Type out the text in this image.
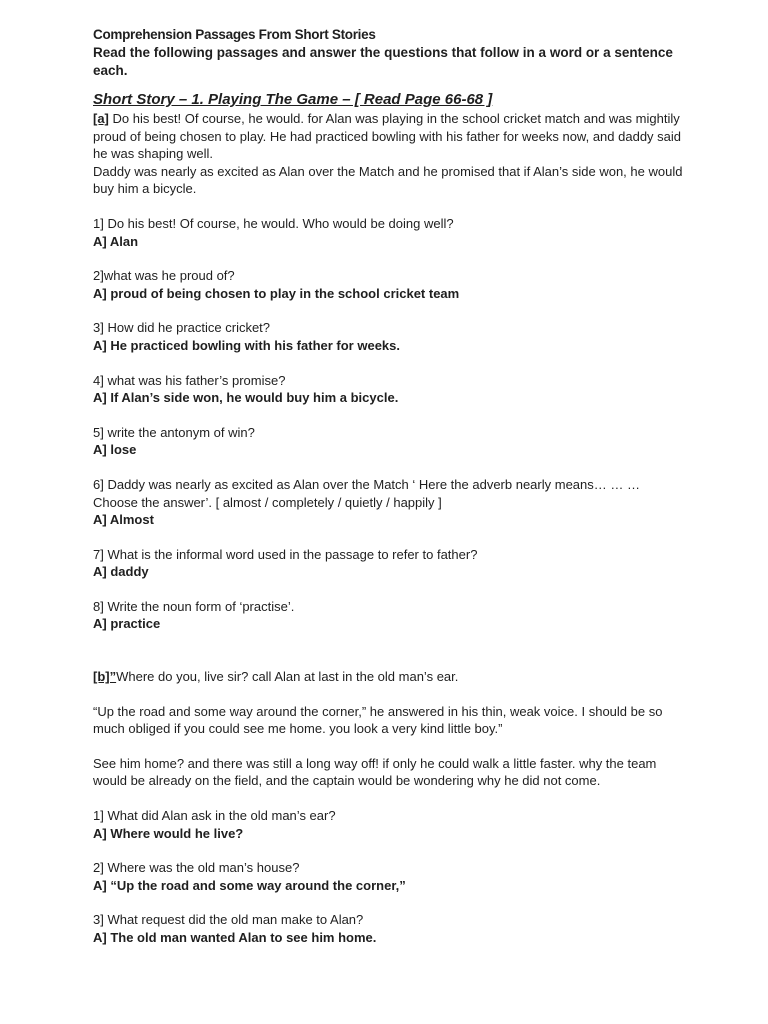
Comprehension Passages From Short Stories

Read the following passages and answer the questions that follow in a word or a sentence each.

Short Story – 1. Playing The Game – [ Read Page 66-68 ]

[a] Do his best! Of course, he would. for Alan was playing in the school cricket match and was mightily proud of being chosen to play. He had practiced bowling with his father for weeks now, and daddy said he was shaping well.

Daddy was nearly as excited as Alan over the Match and he promised that if Alan’s side won, he would buy him a bicycle.

1] Do his best! Of course, he would. Who would be doing well?

A] Alan

2]what was he proud of?

A] proud of being chosen to play in the school cricket team

3] How did he practice cricket?

A] He practiced bowling with his father for weeks.

4] what was his father’s promise?

A] If Alan’s side won, he would buy him a bicycle.

5] write the antonym of win?

A] lose

6] Daddy was nearly as excited as Alan over the Match ‘ Here the adverb nearly means… … … Choose the answer’. [ almost / completely / quietly / happily ]

A] Almost

7] What is the informal word used in the passage to refer to father?

A] daddy

8] Write the noun form of ‘practise’.

A] practice

[b]”Where do you, live sir? call Alan at last in the old man’s ear.

“Up the road and some way around the corner,” he answered in his thin, weak voice. I should be so much obliged if you could see me home. you look a very kind little boy.”

See him home? and there was still a long way off! if only he could walk a little faster. why the team would be already on the field, and the captain would be wondering why he did not come.

1] What did Alan ask in the old man’s ear?

A] Where would he live?

2] Where was the old man’s house?

A] “Up the road and some way around the corner,”

3] What request did the old man make to Alan?

A] The old man wanted Alan to see him home.
